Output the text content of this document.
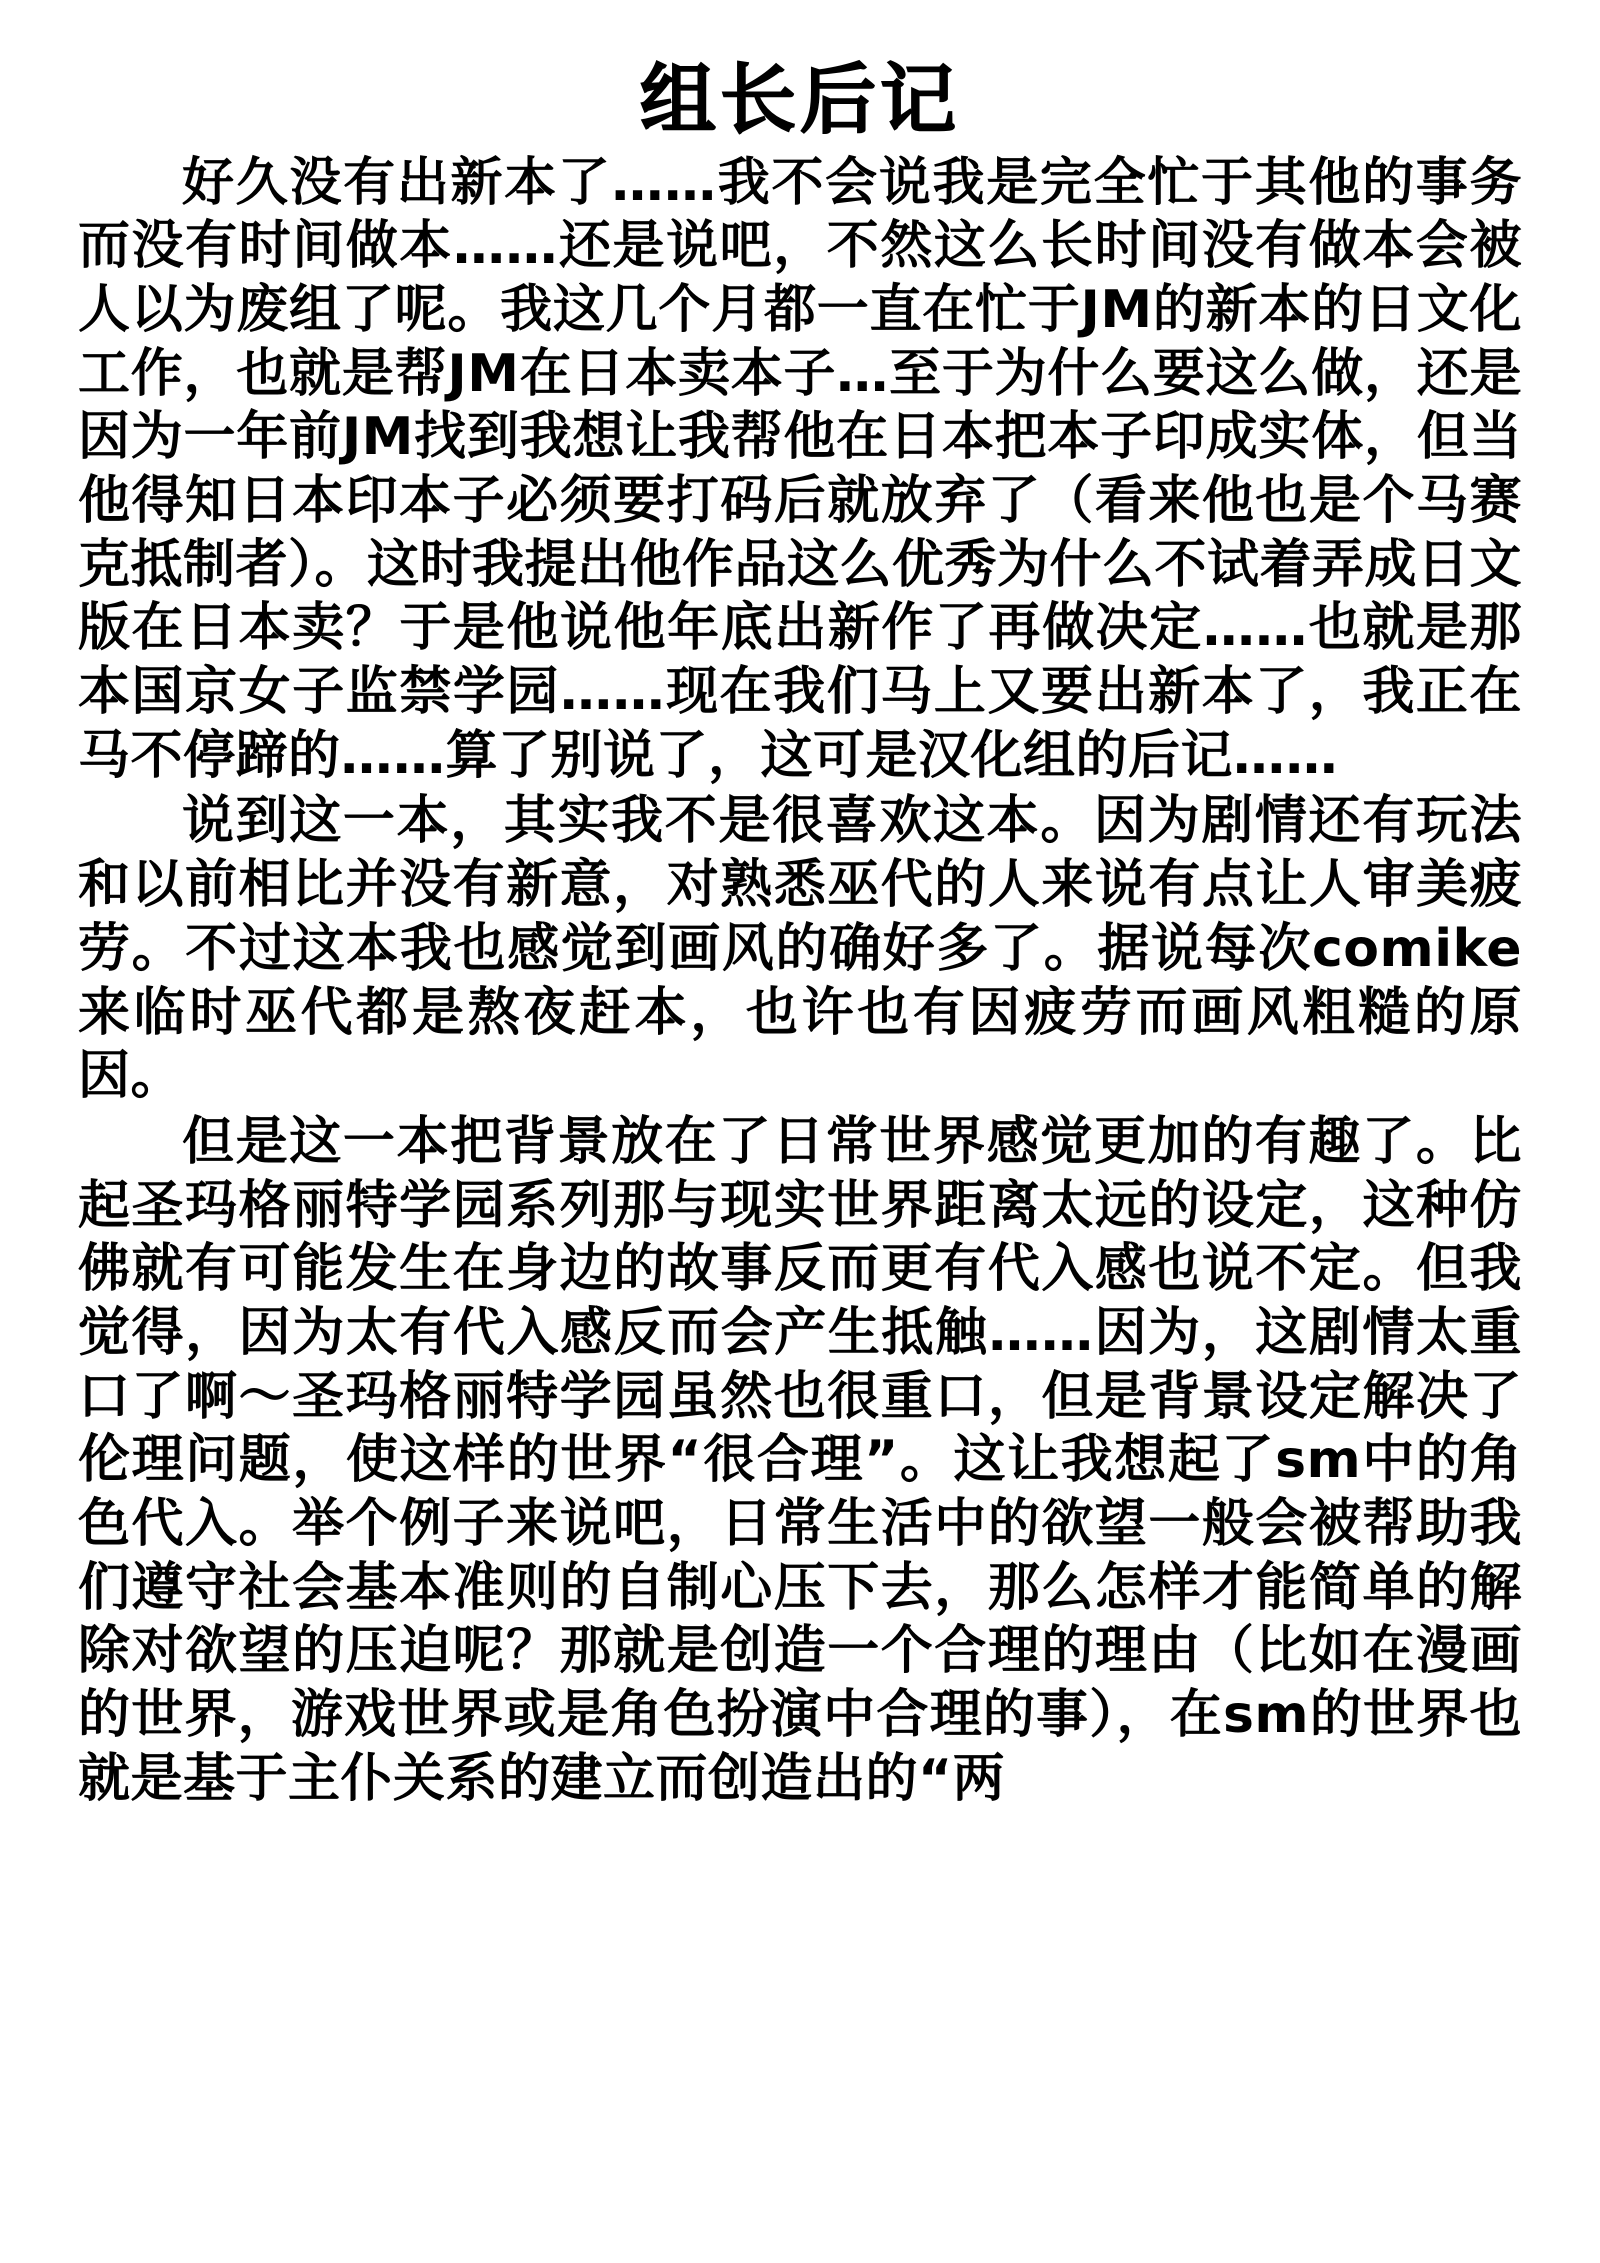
组长后记

好久没有出新本了……我不会说我是完全忙于其他的事务而没有时间做本……还是说吧，不然这么长时间没有做本会被人以为废组了呢。我这几个月都一直在忙于JM的新本的日文化工作，也就是帮JM在日本卖本子…至于为什么要这么做，还是因为一年前JM找到我想让我帮他在日本把本子印成实体，但当他得知日本印本子必须要打码后就放弃了（看来他也是个马赛克抵制者）。这时我提出他作品这么优秀为什么不试着弄成日文版在日本卖？于是他说他年底出新作了再做决定……也就是那本国京女子监禁学园……现在我们马上又要出新本了，我正在马不停蹄的……算了别说了，这可是汉化组的后记……

说到这一本，其实我不是很喜欢这本。因为剧情还有玩法和以前相比并没有新意，对熟悉巫代的人来说有点让人审美疲劳。不过这本我也感觉到画风的确好多了。据说每次comike来临时巫代都是熬夜赶本，也许也有因疲劳而画风粗糙的原因。

但是这一本把背景放在了日常世界感觉更加的有趣了。比起圣玛格丽特学园系列那与现实世界距离太远的设定，这种仿佛就有可能发生在身边的故事反而更有代入感也说不定。但我觉得，因为太有代入感反而会产生抵触……因为，这剧情太重口了啊～圣玛格丽特学园虽然也很重口，但是背景设定解决了伦理问题，使这样的世界“很合理”。这让我想起了sm中的角色代入。举个例子来说吧，日常生活中的欲望一般会被帮助我们遵守社会基本准则的自制心压下去，那么怎样才能简单的解除对欲望的压迫呢？那就是创造一个合理的理由（比如在漫画的世界，游戏世界或是角色扮演中合理的事），在sm的世界也就是基于主仆关系的建立而创造出的“两
